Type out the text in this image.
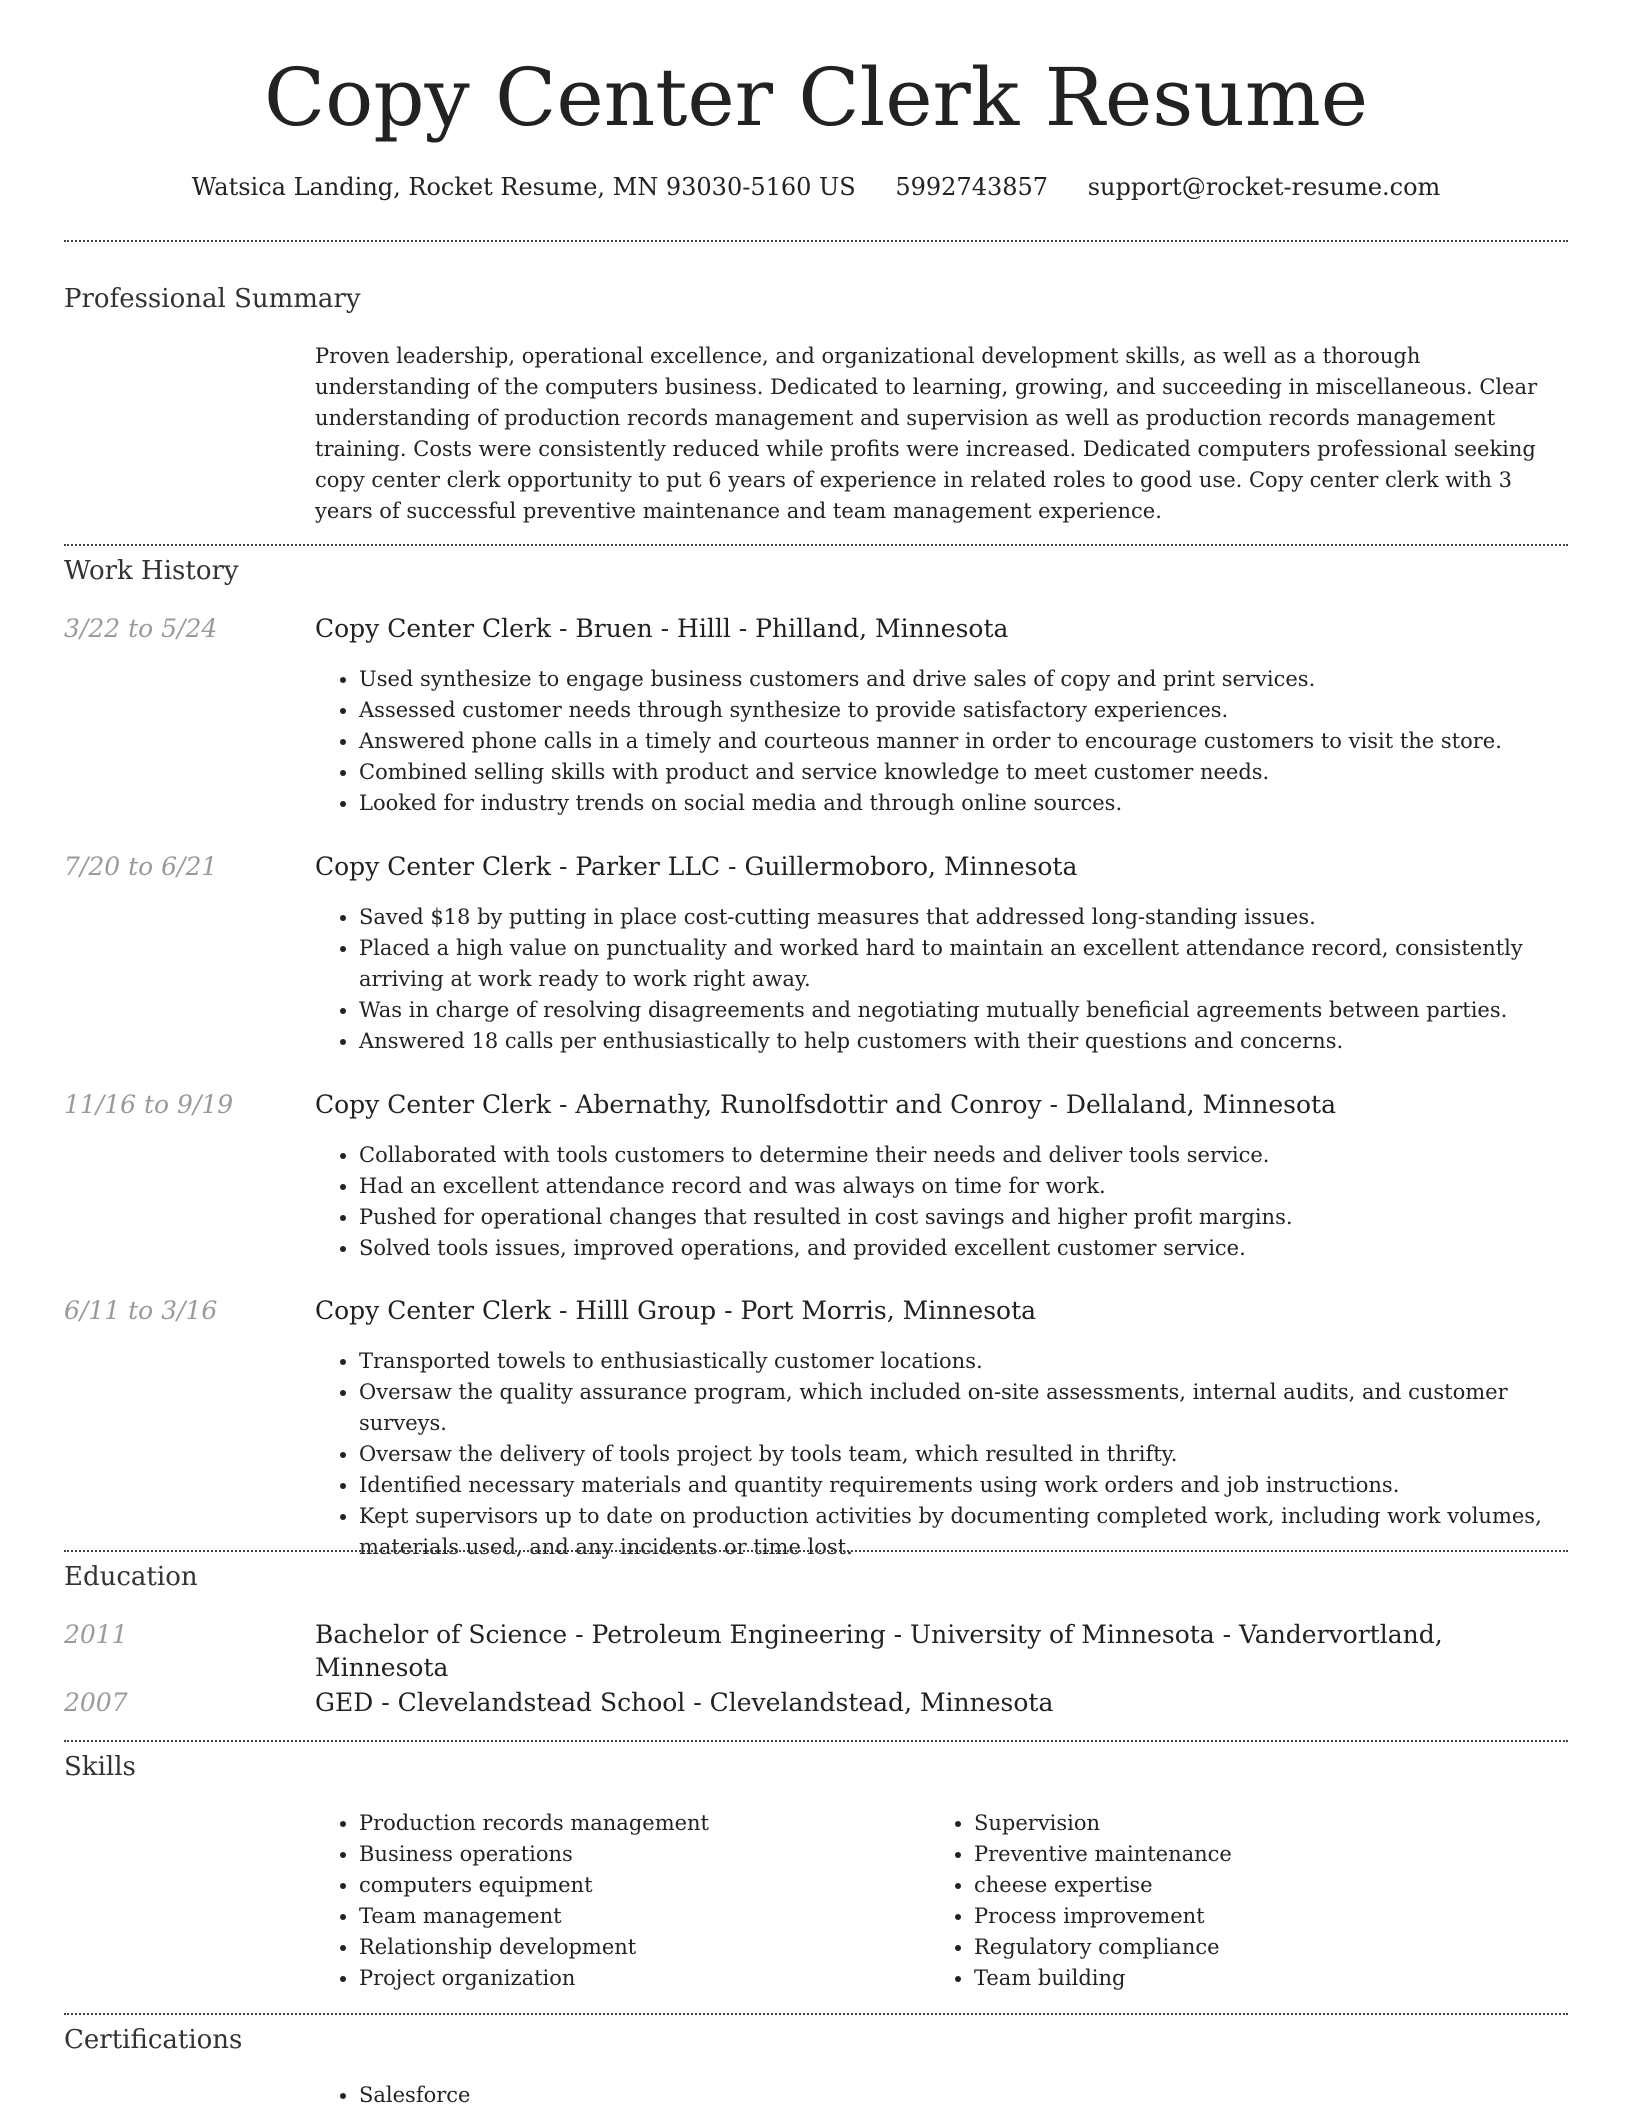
Copy Center Clerk Resume
Watsica Landing, Rocket Resume, MN 93030-5160 US 5992743857 support@rocket-resume.com
Professional Summary
Proven leadership, operational excellence, and organizational development skills, as well as a thorough understanding of the computers business. Dedicated to learning, growing, and succeeding in miscellaneous. Clear understanding of production records management and supervision as well as production records management training. Costs were consistently reduced while profits were increased. Dedicated computers professional seeking copy center clerk opportunity to put 6 years of experience in related roles to good use. Copy center clerk with 3 years of successful preventive maintenance and team management experience.
Work History
3/22 to 5/24	Copy Center Clerk - Bruen - Hilll - Philland, Minnesota
• Used synthesize to engage business customers and drive sales of copy and print services.
• Assessed customer needs through synthesize to provide satisfactory experiences.
• Answered phone calls in a timely and courteous manner in order to encourage customers to visit the store.
• Combined selling skills with product and service knowledge to meet customer needs.
• Looked for industry trends on social media and through online sources.
7/20 to 6/21	Copy Center Clerk - Parker LLC - Guillermoboro, Minnesota
• Saved $18 by putting in place cost-cutting measures that addressed long-standing issues.
• Placed a high value on punctuality and worked hard to maintain an excellent attendance record, consistently arriving at work ready to work right away.
• Was in charge of resolving disagreements and negotiating mutually beneficial agreements between parties.
• Answered 18 calls per enthusiastically to help customers with their questions and concerns.
11/16 to 9/19	Copy Center Clerk - Abernathy, Runolfsdottir and Conroy - Dellaland, Minnesota
• Collaborated with tools customers to determine their needs and deliver tools service.
• Had an excellent attendance record and was always on time for work.
• Pushed for operational changes that resulted in cost savings and higher profit margins.
• Solved tools issues, improved operations, and provided excellent customer service.
6/11 to 3/16	Copy Center Clerk - Hilll Group - Port Morris, Minnesota
• Transported towels to enthusiastically customer locations.
• Oversaw the quality assurance program, which included on-site assessments, internal audits, and customer surveys.
• Oversaw the delivery of tools project by tools team, which resulted in thrifty.
• Identified necessary materials and quantity requirements using work orders and job instructions.
• Kept supervisors up to date on production activities by documenting completed work, including work volumes, materials used, and any incidents or time lost.
Education
2011	Bachelor of Science - Petroleum Engineering - University of Minnesota - Vandervortland, Minnesota
2007	GED - Clevelandstead School - Clevelandstead, Minnesota
Skills
• Production records management
• Business operations
• computers equipment
• Team management
• Relationship development
• Project organization
• Supervision
• Preventive maintenance
• cheese expertise
• Process improvement
• Regulatory compliance
• Team building
Certifications
• Salesforce
